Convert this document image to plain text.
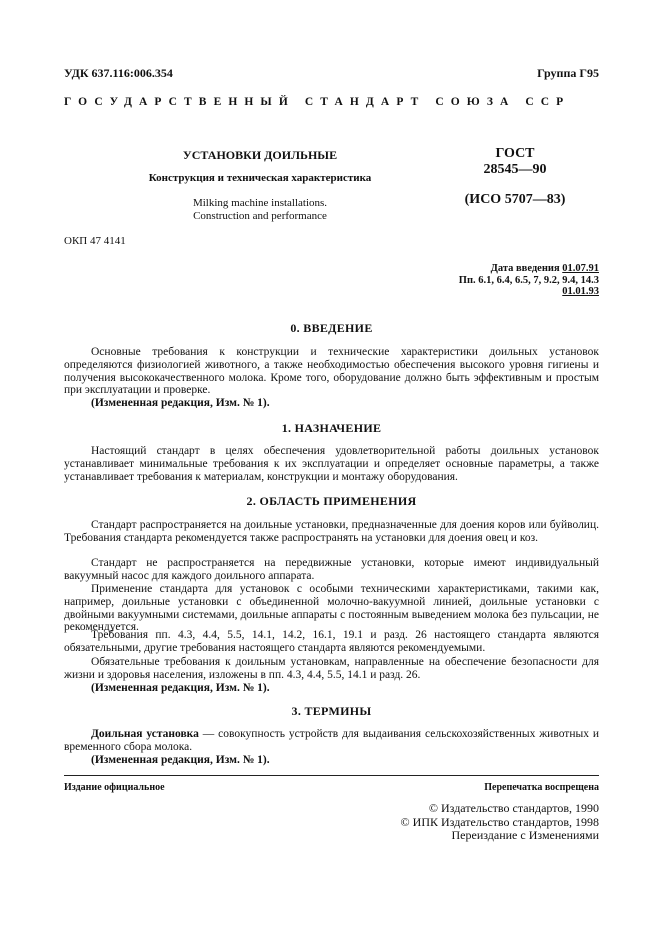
УДК 637.116:006.354	Группа Г95
ГОСУДАРСТВЕННЫЙ СТАНДАРТ СОЮЗА ССР
УСТАНОВКИ ДОИЛЬНЫЕ
Конструкция и техническая характеристика
Milking machine installations.
Construction and performance
ГОСТ
28545—90
(ИСО 5707—83)
ОКП 47 4141
Дата введения 01.07.91
Пп. 6.1, 6.4, 6.5, 7, 9.2, 9.4, 14.3
01.01.93
0. ВВЕДЕНИЕ
Основные требования к конструкции и технические характеристики доильных установок определяются физиологией животного, а также необходимостью обеспечения высокого уровня гигиены и получения высококачественного молока. Кроме того, оборудование должно быть эффективным и простым при эксплуатации и проверке.
(Измененная редакция, Изм. № 1).
1. НАЗНАЧЕНИЕ
Настоящий стандарт в целях обеспечения удовлетворительной работы доильных установок устанавливает минимальные требования к их эксплуатации и определяет основные параметры, а также устанавливает требования к материалам, конструкции и монтажу оборудования.
2. ОБЛАСТЬ ПРИМЕНЕНИЯ
Стандарт распространяется на доильные установки, предназначенные для доения коров или буйволиц. Требования стандарта рекомендуется также распространять на установки для доения овец и коз.
Стандарт не распространяется на передвижные установки, которые имеют индивидуальный вакуумный насос для каждого доильного аппарата.
Применение стандарта для установок с особыми техническими характеристиками, такими как, например, доильные установки с объединенной молочно-вакуумной линией, доильные установки с двойными вакуумными системами, доильные аппараты с постоянным выведением молока без пульсации, не рекомендуется.
Требования пп. 4.3, 4.4, 5.5, 14.1, 14.2, 16.1, 19.1 и разд. 26 настоящего стандарта являются обязательными, другие требования настоящего стандарта являются рекомендуемыми.
Обязательные требования к доильным установкам, направленные на обеспечение безопасности для жизни и здоровья населения, изложены в пп. 4.3, 4.4, 5.5, 14.1 и разд. 26.
(Измененная редакция, Изм. № 1).
3. ТЕРМИНЫ
Доильная установка — совокупность устройств для выдаивания сельскохозяйственных животных и временного сбора молока.
(Измененная редакция, Изм. № 1).
Издание официальное	Перепечатка воспрещена
© Издательство стандартов, 1990
© ИПК Издательство стандартов, 1998
Переиздание с Изменениями
